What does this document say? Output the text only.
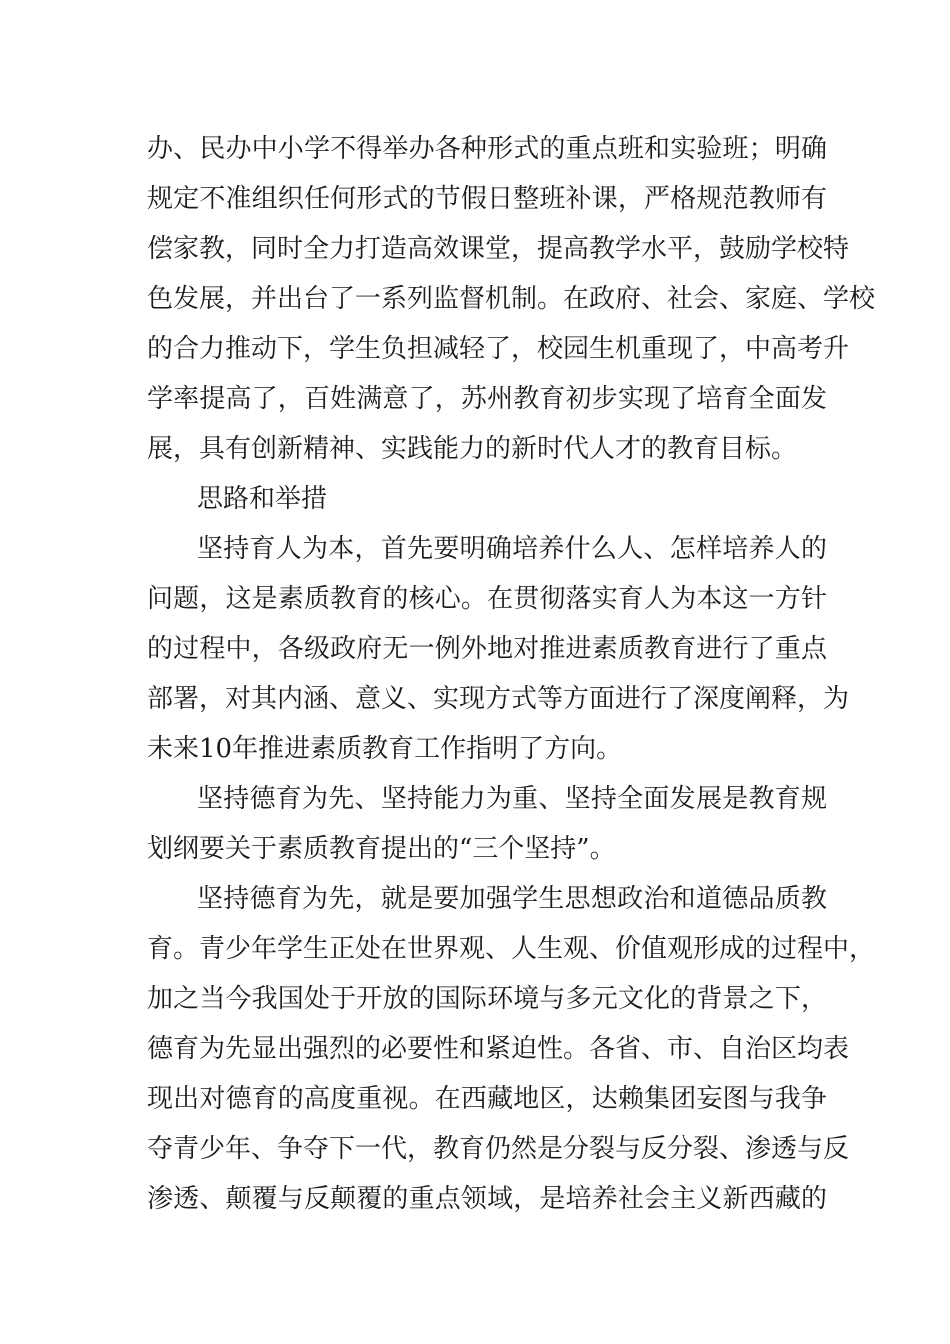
办、民办中小学不得举办各种形式的重点班和实验班；明确
规定不准组织任何形式的节假日整班补课，严格规范教师有
偿家教，同时全力打造高效课堂，提高教学水平，鼓励学校特
色发展，并出台了一系列监督机制。在政府、社会、家庭、学校
的合力推动下，学生负担减轻了，校园生机重现了，中高考升
学率提高了，百姓满意了，苏州教育初步实现了培育全面发
展，具有创新精神、实践能力的新时代人才的教育目标。
思路和举措
坚持育人为本，首先要明确培养什么人、怎样培养人的
问题，这是素质教育的核心。在贯彻落实育人为本这一方针
的过程中，各级政府无一例外地对推进素质教育进行了重点
部署，对其内涵、意义、实现方式等方面进行了深度阐释，为
未来10年推进素质教育工作指明了方向。
坚持德育为先、坚持能力为重、坚持全面发展是教育规
划纲要关于素质教育提出的“三个坚持”。
坚持德育为先，就是要加强学生思想政治和道德品质教
育。青少年学生正处在世界观、人生观、价值观形成的过程中，
加之当今我国处于开放的国际环境与多元文化的背景之下，
德育为先显出强烈的必要性和紧迫性。各省、市、自治区均表
现出对德育的高度重视。在西藏地区，达赖集团妄图与我争
夺青少年、争夺下一代，教育仍然是分裂与反分裂、渗透与反
渗透、颠覆与反颠覆的重点领域，是培养社会主义新西藏的
